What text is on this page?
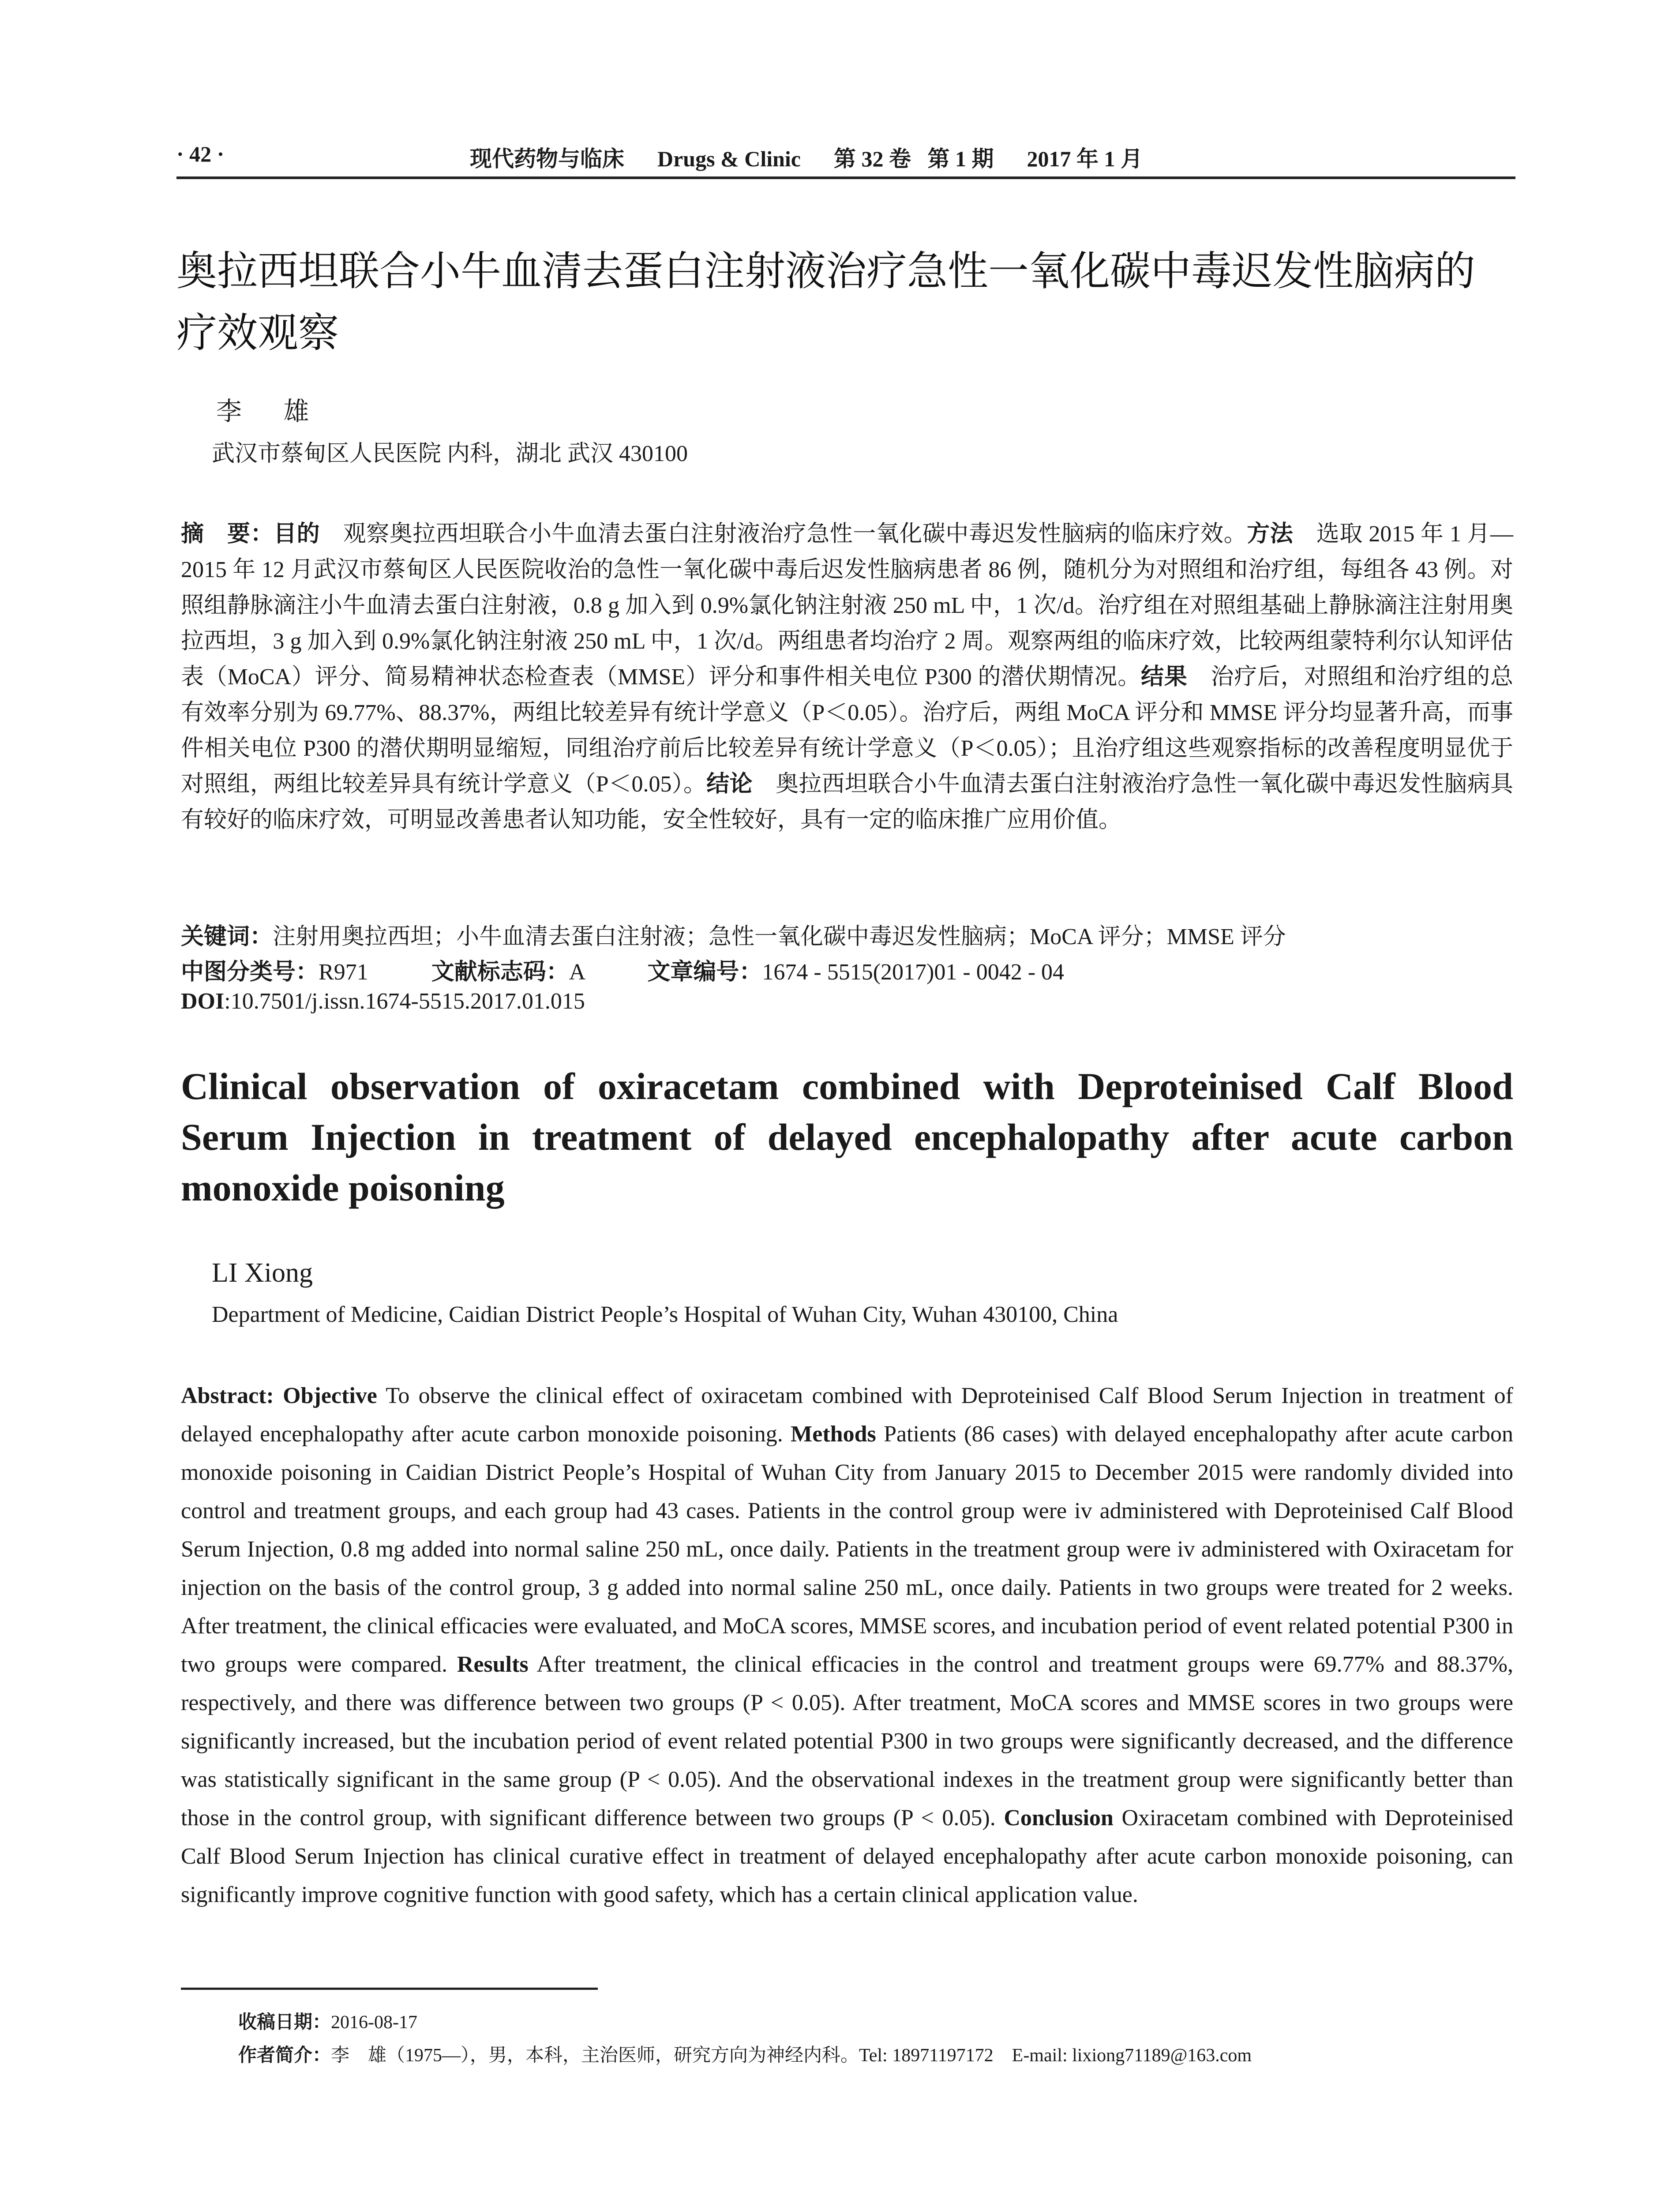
· 42 ·	现代药物与临床      Drugs & Clinic      第 32 卷   第 1 期      2017 年 1 月
奥拉西坦联合小牛血清去蛋白注射液治疗急性一氧化碳中毒迟发性脑病的疗效观察
李 雄
武汉市蔡甸区人民医院 内科，湖北 武汉 430100
摘　要：目的　观察奥拉西坦联合小牛血清去蛋白注射液治疗急性一氧化碳中毒迟发性脑病的临床疗效。方法　选取 2015 年 1 月—2015 年 12 月武汉市蔡甸区人民医院收治的急性一氧化碳中毒后迟发性脑病患者 86 例，随机分为对照组和治疗组，每组各 43 例。对照组静脉滴注小牛血清去蛋白注射液，0.8 g 加入到 0.9%氯化钠注射液 250 mL 中，1 次/d。治疗组在对照组基础上静脉滴注注射用奥拉西坦，3 g 加入到 0.9%氯化钠注射液 250 mL 中，1 次/d。两组患者均治疗 2 周。观察两组的临床疗效，比较两组蒙特利尔认知评估表（MoCA）评分、简易精神状态检查表（MMSE）评分和事件相关电位 P300 的潜伏期情况。结果　治疗后，对照组和治疗组的总有效率分别为 69.77%、88.37%，两组比较差异有统计学意义（P＜0.05）。治疗后，两组 MoCA 评分和 MMSE 评分均显著升高，而事件相关电位 P300 的潜伏期明显缩短，同组治疗前后比较差异有统计学意义（P＜0.05）；且治疗组这些观察指标的改善程度明显优于对照组，两组比较差异具有统计学意义（P＜0.05）。结论　奥拉西坦联合小牛血清去蛋白注射液治疗急性一氧化碳中毒迟发性脑病具有较好的临床疗效，可明显改善患者认知功能，安全性较好，具有一定的临床推广应用价值。
关键词：注射用奥拉西坦；小牛血清去蛋白注射液；急性一氧化碳中毒迟发性脑病；MoCA 评分；MMSE 评分
中图分类号：R971	文献标志码：A	文章编号：1674 - 5515(2017)01 - 0042 - 04
DOI:10.7501/j.issn.1674-5515.2017.01.015
Clinical observation of oxiracetam combined with Deproteinised Calf Blood Serum Injection in treatment of delayed encephalopathy after acute carbon monoxide poisoning
LI Xiong
Department of Medicine, Caidian District People’s Hospital of Wuhan City, Wuhan 430100, China
Abstract: Objective To observe the clinical effect of oxiracetam combined with Deproteinised Calf Blood Serum Injection in treatment of delayed encephalopathy after acute carbon monoxide poisoning. Methods Patients (86 cases) with delayed encephalopathy after acute carbon monoxide poisoning in Caidian District People’s Hospital of Wuhan City from January 2015 to December 2015 were randomly divided into control and treatment groups, and each group had 43 cases. Patients in the control group were iv administered with Deproteinised Calf Blood Serum Injection, 0.8 mg added into normal saline 250 mL, once daily. Patients in the treatment group were iv administered with Oxiracetam for injection on the basis of the control group, 3 g added into normal saline 250 mL, once daily. Patients in two groups were treated for 2 weeks. After treatment, the clinical efficacies were evaluated, and MoCA scores, MMSE scores, and incubation period of event related potential P300 in two groups were compared. Results After treatment, the clinical efficacies in the control and treatment groups were 69.77% and 88.37%, respectively, and there was difference between two groups (P < 0.05). After treatment, MoCA scores and MMSE scores in two groups were significantly increased, but the incubation period of event related potential P300 in two groups were significantly decreased, and the difference was statistically significant in the same group (P < 0.05). And the observational indexes in the treatment group were significantly better than those in the control group, with significant difference between two groups (P < 0.05). Conclusion Oxiracetam combined with Deproteinised Calf Blood Serum Injection has clinical curative effect in treatment of delayed encephalopathy after acute carbon monoxide poisoning, can significantly improve cognitive function with good safety, which has a certain clinical application value.
收稿日期：2016-08-17
作者简介：李　雄（1975—），男，本科，主治医师，研究方向为神经内科。Tel: 18971197172    E-mail: lixiong71189@163.com
